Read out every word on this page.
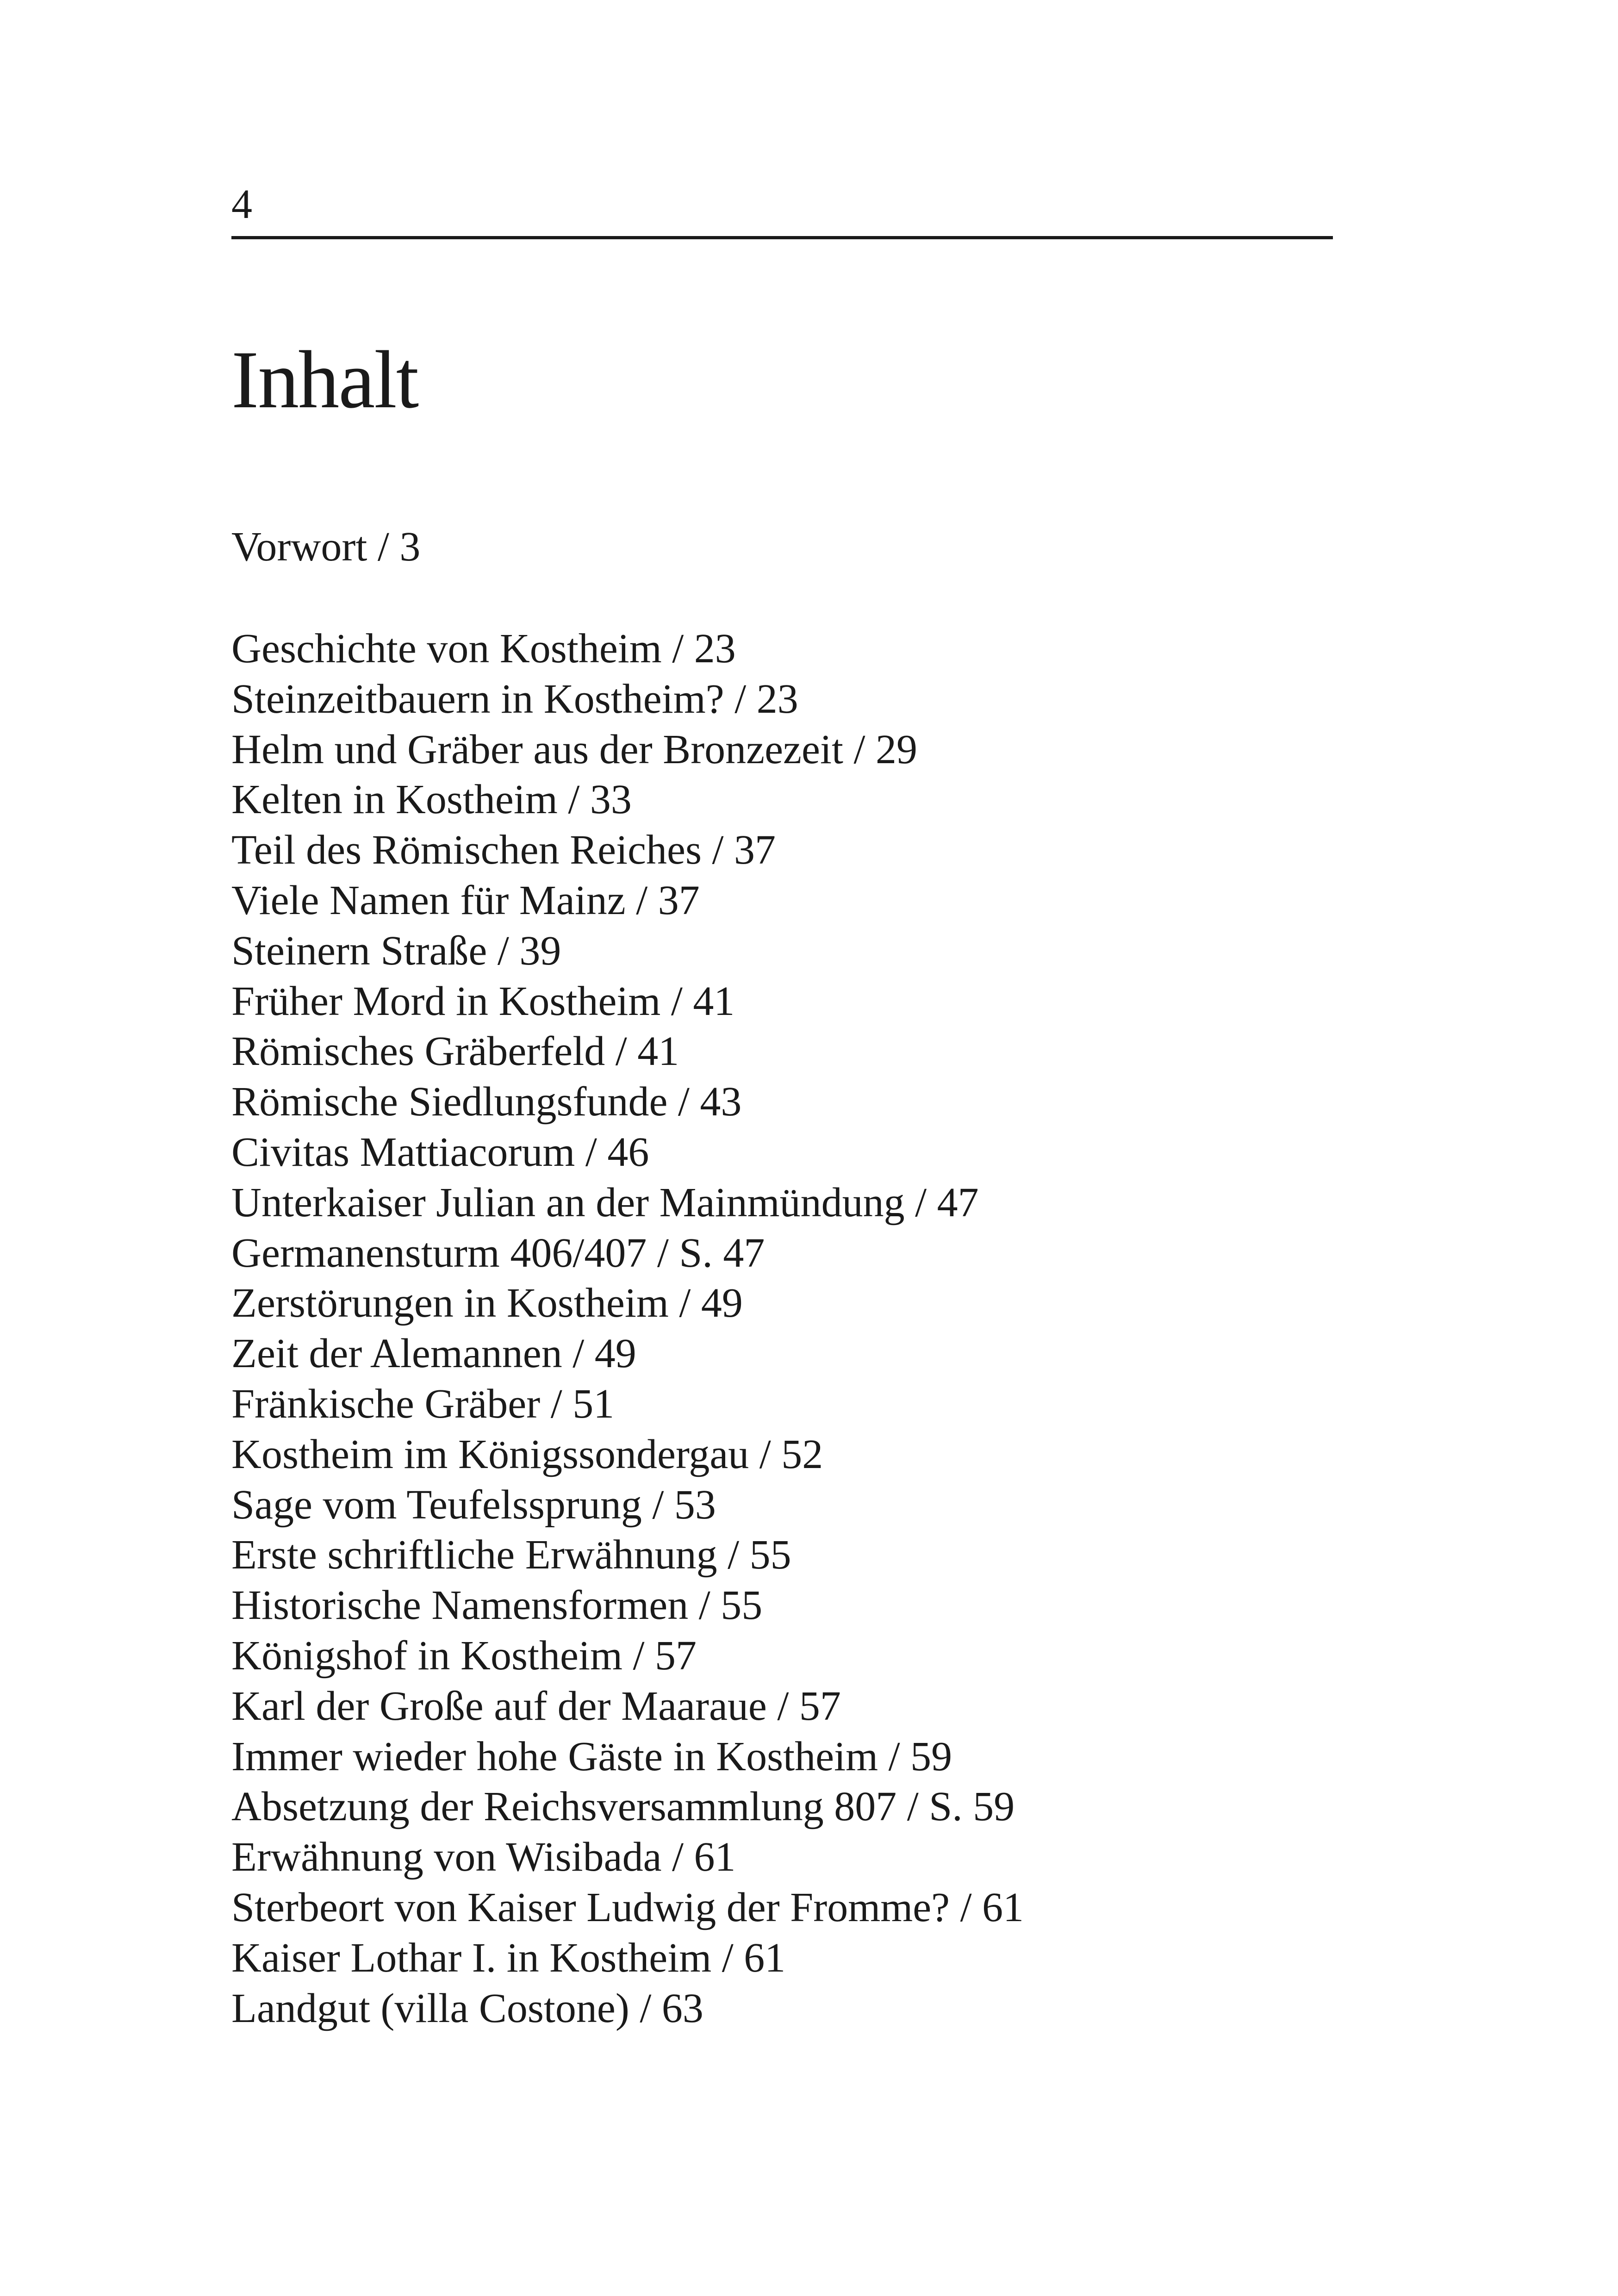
4
Inhalt
Vorwort / 3
Geschichte von Kostheim / 23
Steinzeitbauern in Kostheim? / 23
Helm und Gräber aus der Bronzezeit / 29
Kelten in Kostheim / 33
Teil des Römischen Reiches / 37
Viele Namen für Mainz / 37
Steinern Straße / 39
Früher Mord in Kostheim / 41
Römisches Gräberfeld / 41
Römische Siedlungsfunde / 43
Civitas Mattiacorum / 46
Unterkaiser Julian an der Mainmündung / 47
Germanensturm 406/407 / S. 47
Zerstörungen in Kostheim / 49
Zeit der Alemannen / 49
Fränkische Gräber / 51
Kostheim im Königssondergau / 52
Sage vom Teufelssprung / 53
Erste schriftliche Erwähnung / 55
Historische Namensformen / 55
Königshof in Kostheim / 57
Karl der Große auf der Maaraue / 57
Immer wieder hohe Gäste in Kostheim / 59
Absetzung der Reichsversammlung 807 / S. 59
Erwähnung von Wisibada / 61
Sterbeort von Kaiser Ludwig der Fromme? / 61
Kaiser Lothar I. in Kostheim / 61
Landgut (villa Costone) / 63
